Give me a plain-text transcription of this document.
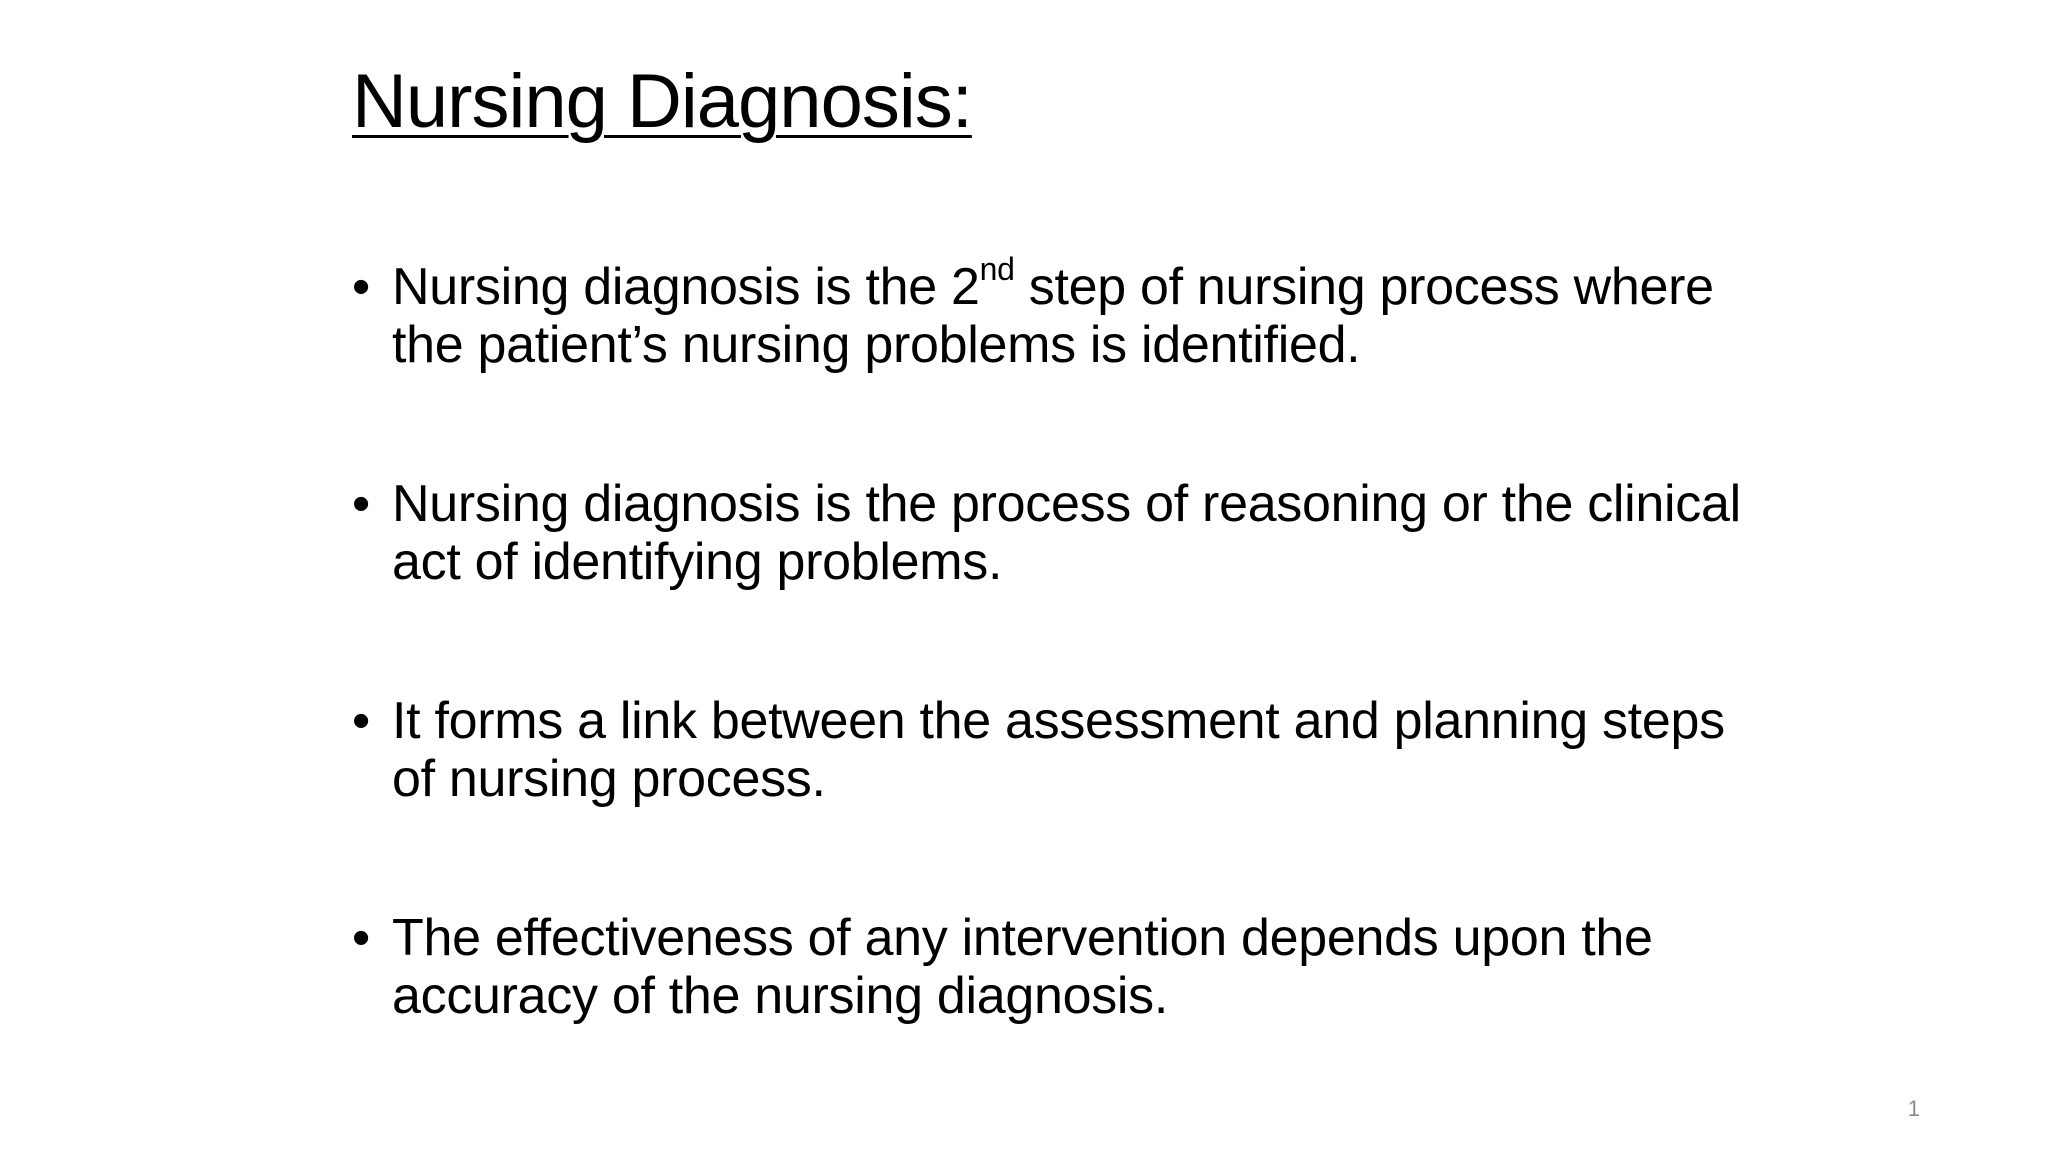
Nursing Diagnosis:
• Nursing diagnosis is the 2nd step of nursing process where the patient’s nursing problems is identified.
• Nursing diagnosis is the process of reasoning or the clinical act of identifying problems.
• It forms a link between the assessment and planning steps of nursing process.
• The effectiveness of any intervention depends upon the accuracy of the nursing diagnosis.
1
